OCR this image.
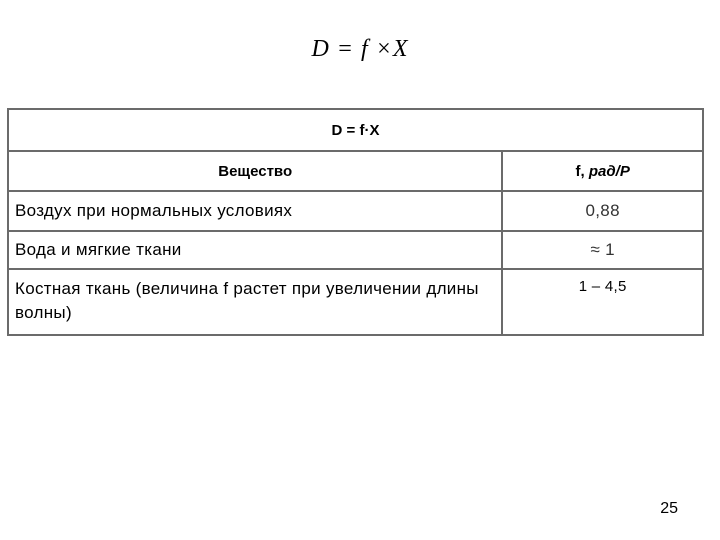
D = f ×X
D = f·X	
Вещество	f, рад/Р
Воздух при нормальных условиях	0,88
Вода и мягкие ткани	≈ 1
Костная ткань (величина f растет при увеличении длины волны)	1 – 4,5
25
